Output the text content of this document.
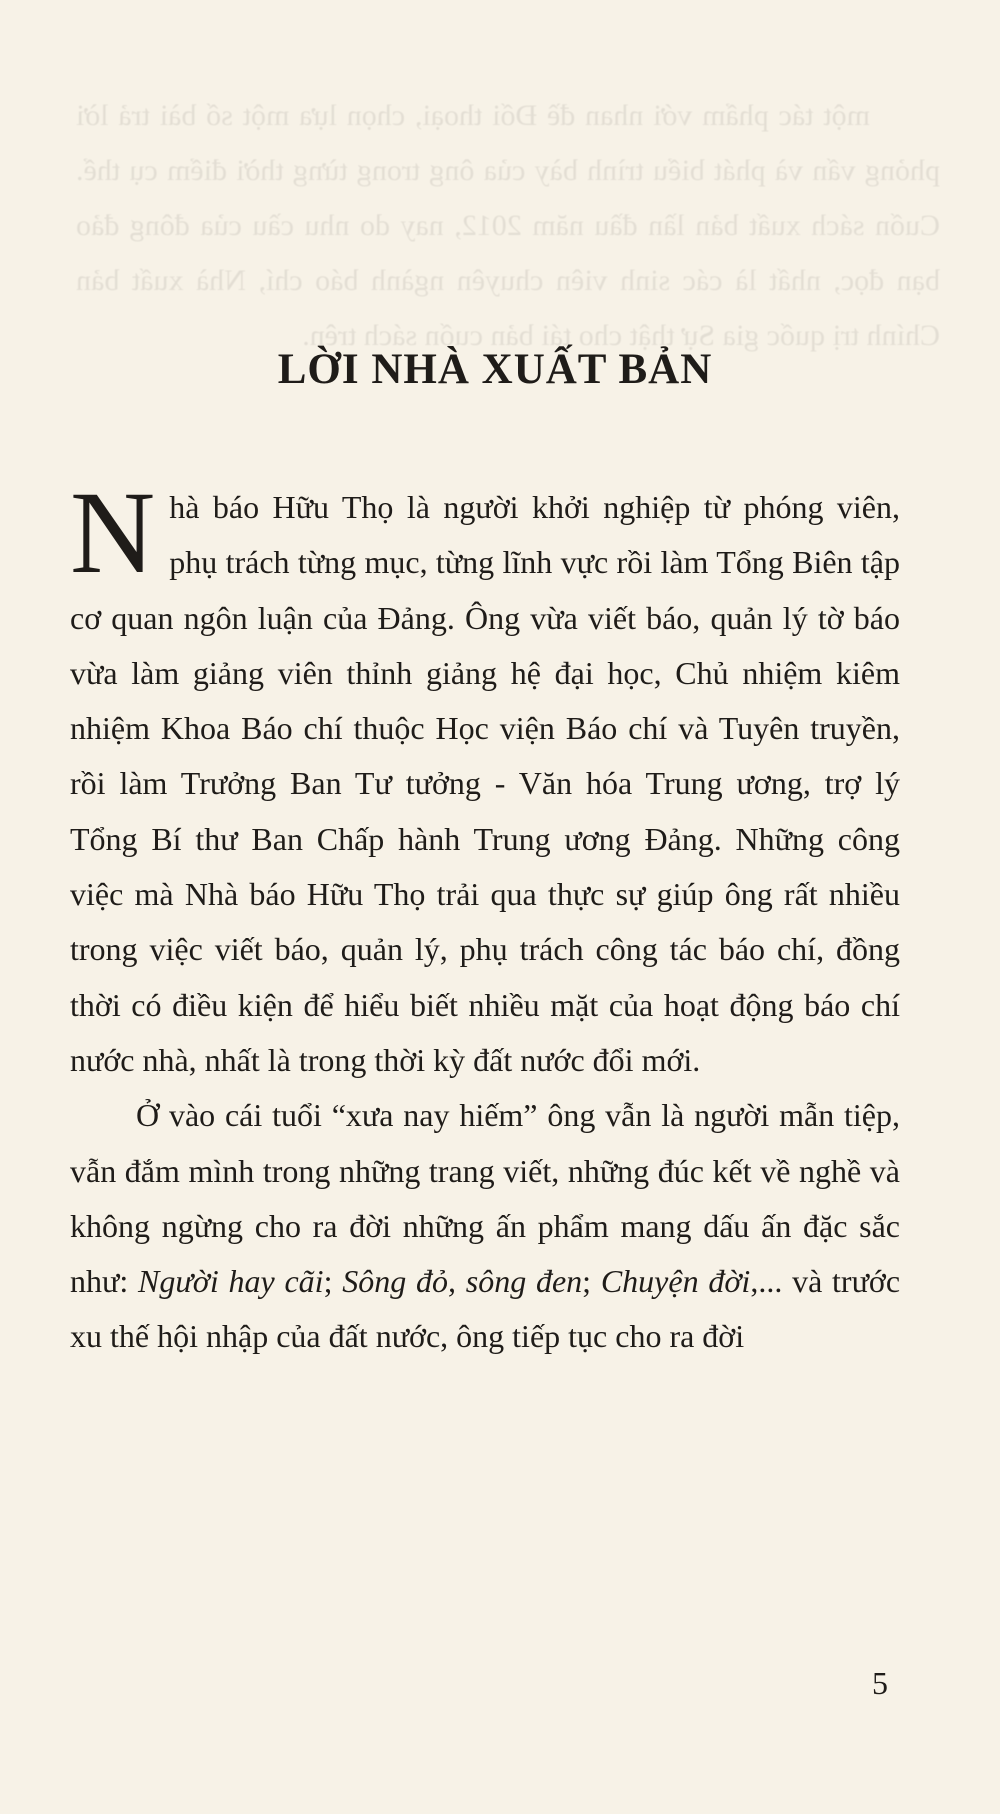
một tác phẩm với nhan đề Đối thoại, chọn lựa một số bài trả lời phỏng vấn và phát biểu trình bày của ông trong từng thời điểm cụ thể. Cuốn sách xuất bản lần đầu năm 2012, nay do nhu cầu của đông đảo bạn đọc, nhất là các sinh viên chuyên ngành báo chí, Nhà xuất bản Chính trị quốc gia Sự thật cho tái bản cuốn sách trên.
LỜI NHÀ XUẤT BẢN

Nhà báo Hữu Thọ là người khởi nghiệp từ phóng viên, phụ trách từng mục, từng lĩnh vực rồi làm Tổng Biên tập cơ quan ngôn luận của Đảng. Ông vừa viết báo, quản lý tờ báo vừa làm giảng viên thỉnh giảng hệ đại học, Chủ nhiệm kiêm nhiệm Khoa Báo chí thuộc Học viện Báo chí và Tuyên truyền, rồi làm Trưởng Ban Tư tưởng - Văn hóa Trung ương, trợ lý Tổng Bí thư Ban Chấp hành Trung ương Đảng. Những công việc mà Nhà báo Hữu Thọ trải qua thực sự giúp ông rất nhiều trong việc viết báo, quản lý, phụ trách công tác báo chí, đồng thời có điều kiện để hiểu biết nhiều mặt của hoạt động báo chí nước nhà, nhất là trong thời kỳ đất nước đổi mới.

Ở vào cái tuổi “xưa nay hiếm” ông vẫn là người mẫn tiệp, vẫn đắm mình trong những trang viết, những đúc kết về nghề và không ngừng cho ra đời những ấn phẩm mang dấu ấn đặc sắc như: Người hay cãi; Sông đỏ, sông đen; Chuyện đời,... và trước xu thế hội nhập của đất nước, ông tiếp tục cho ra đời

5
